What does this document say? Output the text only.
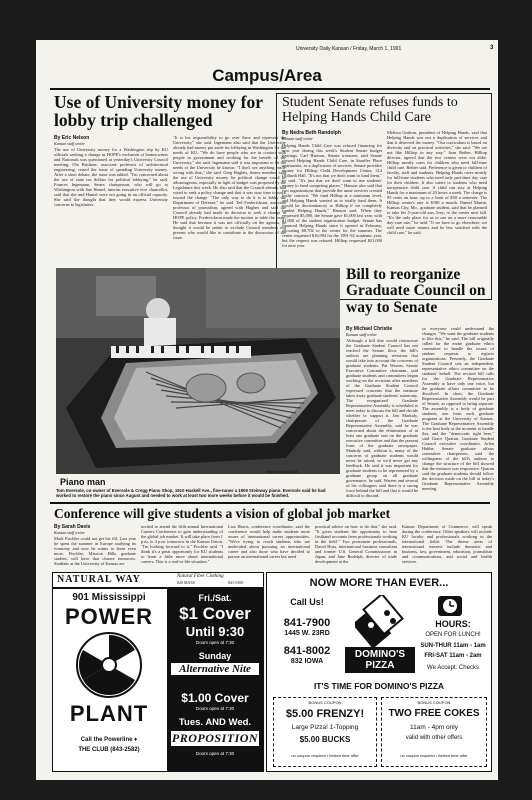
University Daily Kansan / Friday, March 1, 1991	3
Campus/Area
Use of University money for lobby trip challenged
By Eric Nelson
Kansan staff writer
The use of University money for a Washington trip by KU officials seeking a change in HOPE's exclusion of homeowners and Nationals was questioned at yesterday's University Council meeting. Ola Bitchner, associate professor of architectural engineering, raised the issue of spending University money. After a short debate, the issue was tabled. "I'm concerned about the use of state tax dollars for political lobbying," he said. Frances Ingemann, Senex chairperson, who will go to Washington with Sue Hamel, interim executive vice chancellor, said that she and Hamel were not going in an official capacity. She said she thought that they would express University concerns to legislators.
"It is his responsibility to go over there and represent the University," she said. Ingemann also said that the University already had money put aside for lobbying in Washington for the needs of KU. "We do have people who are in contact with people in government and working for the benefit of the University," she said. Ingemann said it was important to let the needs of the University be known. "I don't see anything really wrong with that," she said. Greg Hughes, Senex member, said the use of University money for political change could be advantageous, especially in light of budget cuts proposed by the Legislature this week. He also said that the Council already had voted to seek a policy change and that it was now time to work toward the change. "The only way to do it is to lobby the Department of Defense," he said. Ted Frederickson, associate professor of journalism, agreed with Hughes and said the Council already had made its decision to seek a change in HOPE policy. Frederickson made the motion to table the issue. He said that because it was not officially on the agenda, he thought it would be unfair to exclude Council members not present who would like to contribute to the discussion of the issue.
Student Senate refuses funds to Helping Hands Child Care
By Nedra Beth Randolph
Kansan staff writer
Helping Hands Child Care was refused financing for next year during this week's Student Senate budget hearings. Carl Hartson, Senate treasurer, said Senate viewed Helping Hands Child Care, in Stauffer Place apartments, as a duplication of services. Senate provides money for Hilltop Child Development Center, 314 Oldfarth Hall. "It's not that we don't want to fund them," he said. "It's just that we don't want to use students' money to fund competing places." Hanson also said that two organizations that provide the same services created bothy concern. "We fund Hilltop at a minimum level, and Helping Hands wanted us to totally fund them. It would be discriminatory to Hilltop if we completely funded Helping Hands," Hanson said. When they requested $5,000, the Senate gave $1,000 last year, with $1,000 of the student organization budget. Senate has financed Helping Hands since it opened in February, allocating $8,702 to the center for the summer. The center requested $16,994 for the 1991-92 academic year, but the request was refused. Hilltop requested $21,000 for next year.
Melissa Grafton, president of Helping Hands, said that Helping Hands was not a duplication of services and that it deserved the money. "Our curriculum is based on diversity and on practical activities," she said. "We are not like Hilltop in any way." Joan Reiber, Hilltop director, agreed that the two centers were not alike. Hilltop mostly cares for children who need full-time child care. Reiber said. Preference is given to children of faculty, staff and students. Helping Hands cares mostly for full-time students who need only part-time day care for their children. It also caters to students who need inexpensive child care. A child can stay at Helping Hands for a maximum of 20 hours a week. The charge is 95 cents an hour, up to a limit of $50 a semester. The Hilltop center's rate is $180 a month. Daniel Martin, Kansas City, Mo., graduate student, said that he planned to take his 5-year-old son, Ivey, to the center next fall. "It's the only place for us to use on a more reasonable day-care rate," he said. "It we have to go elsewhere, we will need more money and be less satisfied with the child care," he said.
Piano man
Mike Tobin/KANSAN
Tom Eversole, co-owner of Eversole & Cregg Piano Shop, 1910 Haskell Ave., fine-tunes a 1909 Steinway piano. Eversole said he had worked to restore the piano since August and needed to work at least two more weeks before it would be finished.
Bill to reorganize Graduate Council on way to Senate
By Michael Christie
Kansan staff writer
Although a bill that would restructure the Graduate Student Council has not reached the Senate floor, the bill's authors are planning revisions that would take into account the concerns of graduate students. Pat Warren, Senate Executive Committee chairman, said graduate students and committees began working on the revisions after members of the Graduate Student Council expressed concerns that the measure takes away graduate students' autonomy. The reorganized Graduate Representative Assembly is scheduled to meet today to discuss the bill and decide whether to support it. Jim Markuly, chairperson of the Graduate Representative Assembly, said he was concerned about the elimination of at least one graduate seat on the graduate executive committee and that the present form of the graduate newspaper. Markuly said, without it, many of the concerns of graduate students would never be raised, so we'd never get any feedback. He said it was important for graduate students to be represented by a graduate group on all graduate governance, he said. Warren and several of his colleagues said there is a strong force behind the bill and that it would be difficult to discard.
so everyone could understand the changes. "We want the graduate students to like this," he said. The bill originally called for the entire graduate ethics committee to handle the issues of student requests to register organizations. Presently, the Graduate Student Council sets an independent, representative ethics committee on the students' behalf. The revised bill calls for the Graduate Representative Assembly to have only one voice, but the graduate affairs committee to be dissolved. In short, the Graduate Representative Assembly would be part of Senate, as opposed to being separate. The assembly is a body of graduate students, one from each graduate program at the University of Kansas. The Graduate Representative Assembly is the best body at the moment to handle this, and the "democratic right here," said Grace Quaran, Graduate Student Council executive coordinator. Arlen Habba, Senate graduate affairs committee chairperson, said the willingness of the bill's authors to change the structure of the bill showed that the measure was responsive. Quaran said the graduate students should follow the decision made on the bill at today's Graduate Representative Assembly meeting.
Conference will give students a vision of global job market
By Sarah Davis
Kansan staff writer
Mark Fischler could not get his fill. Last year he spent the summer in Europe studying its economy and now he wants to learn even more. Fischler, Mission Hills graduate student, will have that chance tomorrow. Students at the University of Kansas are
invited to attend the fifth annual International Careers Conference to gain understanding of the global job market. It will take place from 1 p.m. to 4 p.m. tomorrow in the Kansas Union. "I'm looking forward to it," Fischler said. "I think it's a great opportunity for KU students to learn a little more about international careers. This is a real-to-life situation."
Lisa Harris, conference coordinator, said the conference would help make students more aware of international career opportunities. "We're trying to reach students who are undecided about pursuing an international career and also those who have decided to pursue an international career but need
practical advice on how to do that," she said. "It gives students the opportunity to hear firsthand accounts from professionals working in the field." Two prominent professionals, David Hoss, international business consultant and former U.S. General Commissioner in Japan, and Jane Rudolph, director of trade development at the
Kansas Department of Commerce, will speak during the conference. Other speakers will include KU faculty and professionals working in the international fields. The theme areas of international interest include domestic and business, law, government, education, journalism and communications, and social and health services.
NATURAL WAY	Natural Fiber Clothing
820 MASS	841-0100
901 Mississippi
POWER
PLANT
Call the Powerline ♦
THE CLUB (843-2582)
Fri./Sat.
$1 Cover
Until 9:30
Doors open at 7:30
Sunday
Alternative Nite
$1.00 Cover
Doors open at 7:30
Tues. AND Wed.
PROPOSITION
Doors open at 7:30
NOW MORE THAN EVER...
Call Us!
841-7900
1445 W. 23RD
841-8002
832 IOWA
DOMINO'S PIZZA
HOURS:
OPEN FOR LUNCH!
SUN-THUR 11am - 1am
FRI-SAT 11am - 2am
We Accept: Checks
IT'S TIME FOR DOMINO'S PIZZA
BONUS COUPON
$5.00 FRENZY!
Large Pizza! 1-Topping
$5.00 BUCKS
no coupon required • limited time offer
BONUS COUPON
TWO FREE COKES
11am - 4pm only
valid with other offers
no coupon required • limited time offer
